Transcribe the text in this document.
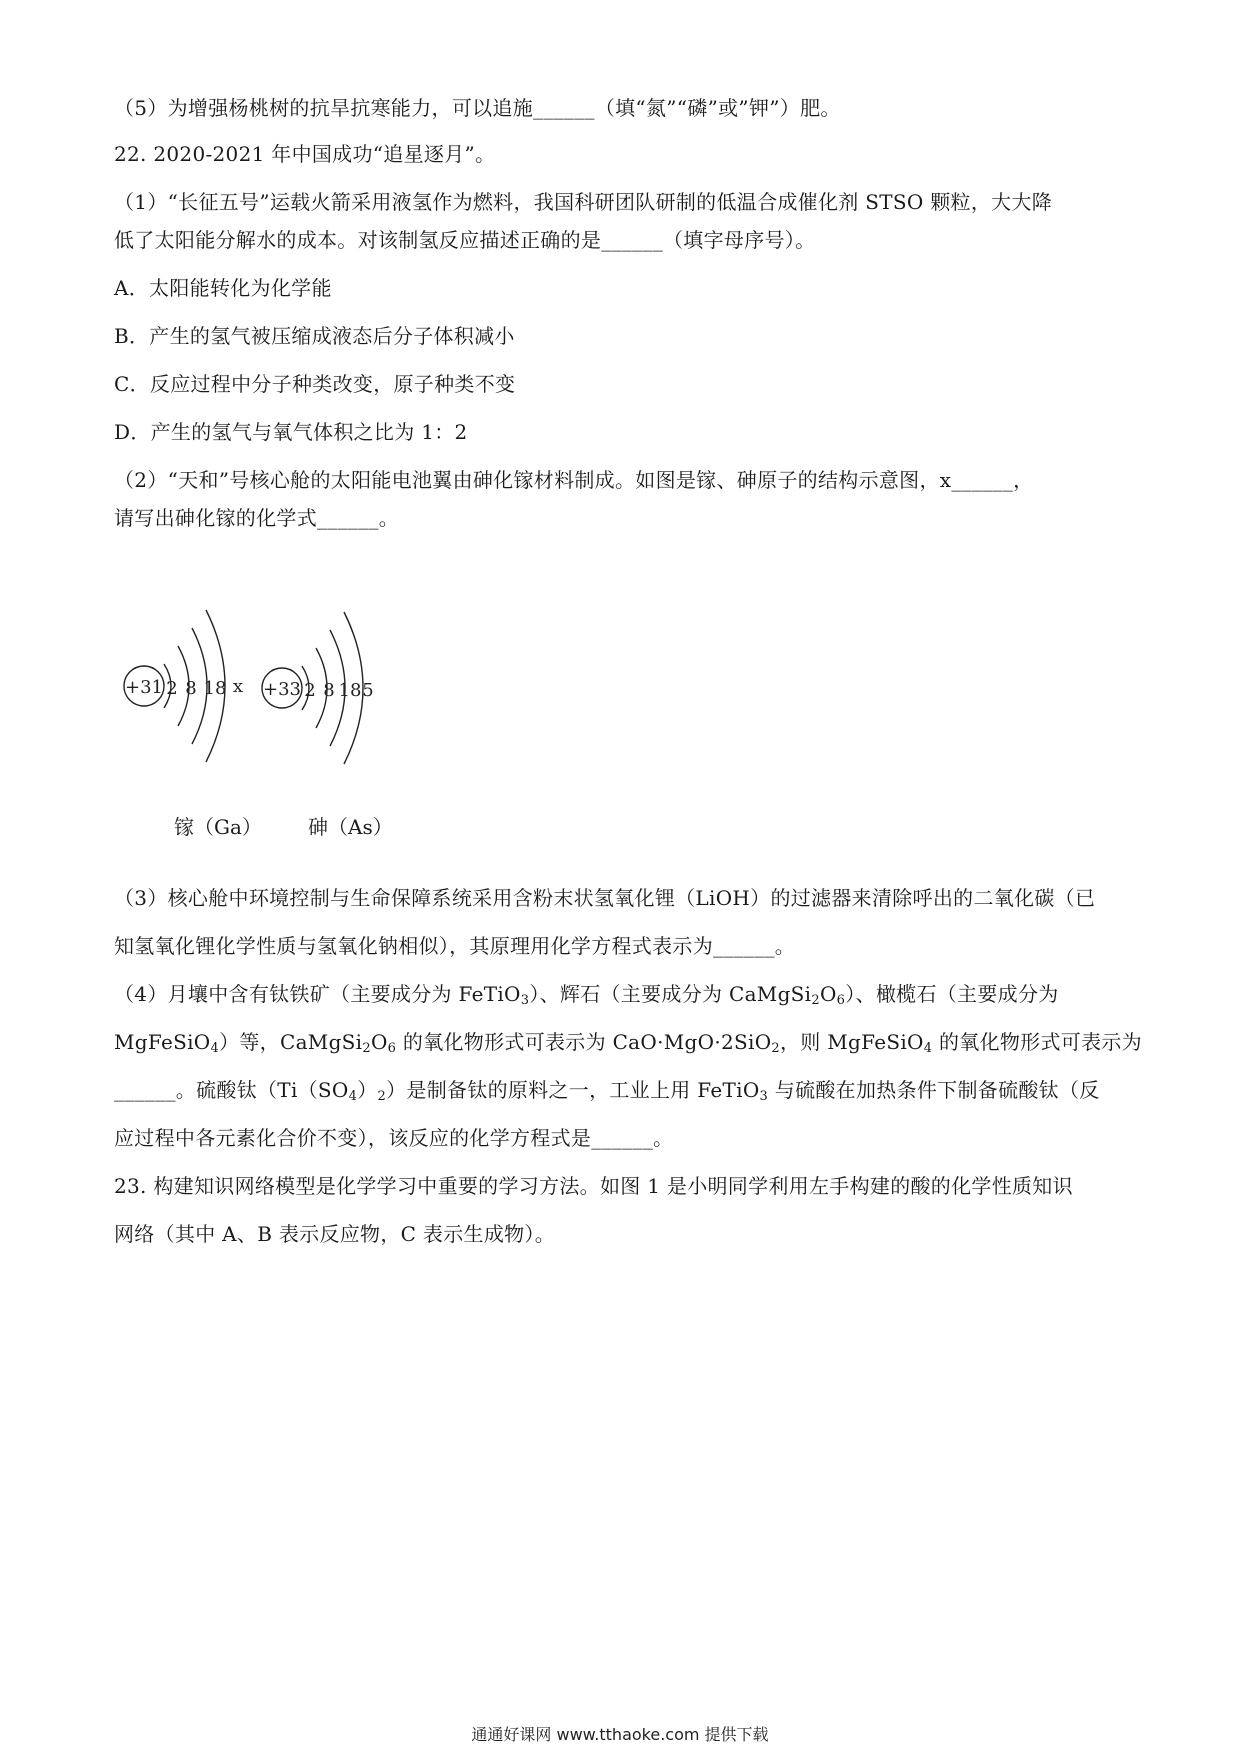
（5）为增强杨桃树的抗旱抗寒能力，可以追施______（填“氮”“磷”或”钾”）肥。
22. 2020-2021 年中国成功“追星逐月”。
（1）“长征五号”运载火箭采用液氢作为燃料，我国科研团队研制的低温合成催化剂 STSO 颗粒，大大降
低了太阳能分解水的成本。对该制氢反应描述正确的是______（填字母序号）。
A．太阳能转化为化学能
B．产生的氢气被压缩成液态后分子体积减小
C．反应过程中分子种类改变，原子种类不变
D．产生的氢气与氧气体积之比为 1：2
（2）“天和”号核心舱的太阳能电池翼由砷化镓材料制成。如图是镓、砷原子的结构示意图，x______，
请写出砷化镓的化学式______。
+31 2 8 18 x +33 2 8 18 5
镓（Ga） 砷（As）
（3）核心舱中环境控制与生命保障系统采用含粉末状氢氧化锂（LiOH）的过滤器来清除呼出的二氧化碳（已
知氢氧化锂化学性质与氢氧化钠相似），其原理用化学方程式表示为______。
（4）月壤中含有钛铁矿（主要成分为 FeTiO$_3$）、辉石（主要成分为 $CaMgSi_2O_6$）、橄榄石（主要成分为
MgFeSiO$_4$）等，$CaMgSi_2O_6$ 的氧化物形式可表示为 CaO·MgO·2SiO$_2$，则 MgFeSiO$_4$ 的氧化物形式可表示为
______。硫酸钛$(Ti(SO_4)_2)$是制备钛的原料之一，工业上用 FeTiO$_3$ 与硫酸在加热条件下制备硫酸钛（反
应过程中各元素化合价不变），该反应的化学方程式是______。
23. 构建知识网络模型是化学学习中重要的学习方法。如图 1 是小明同学利用左手构建的酸的化学性质知识
网络（其中 A、B 表示反应物，C 表示生成物）。
通通好课网 www.tthaoke.com 提供下载
